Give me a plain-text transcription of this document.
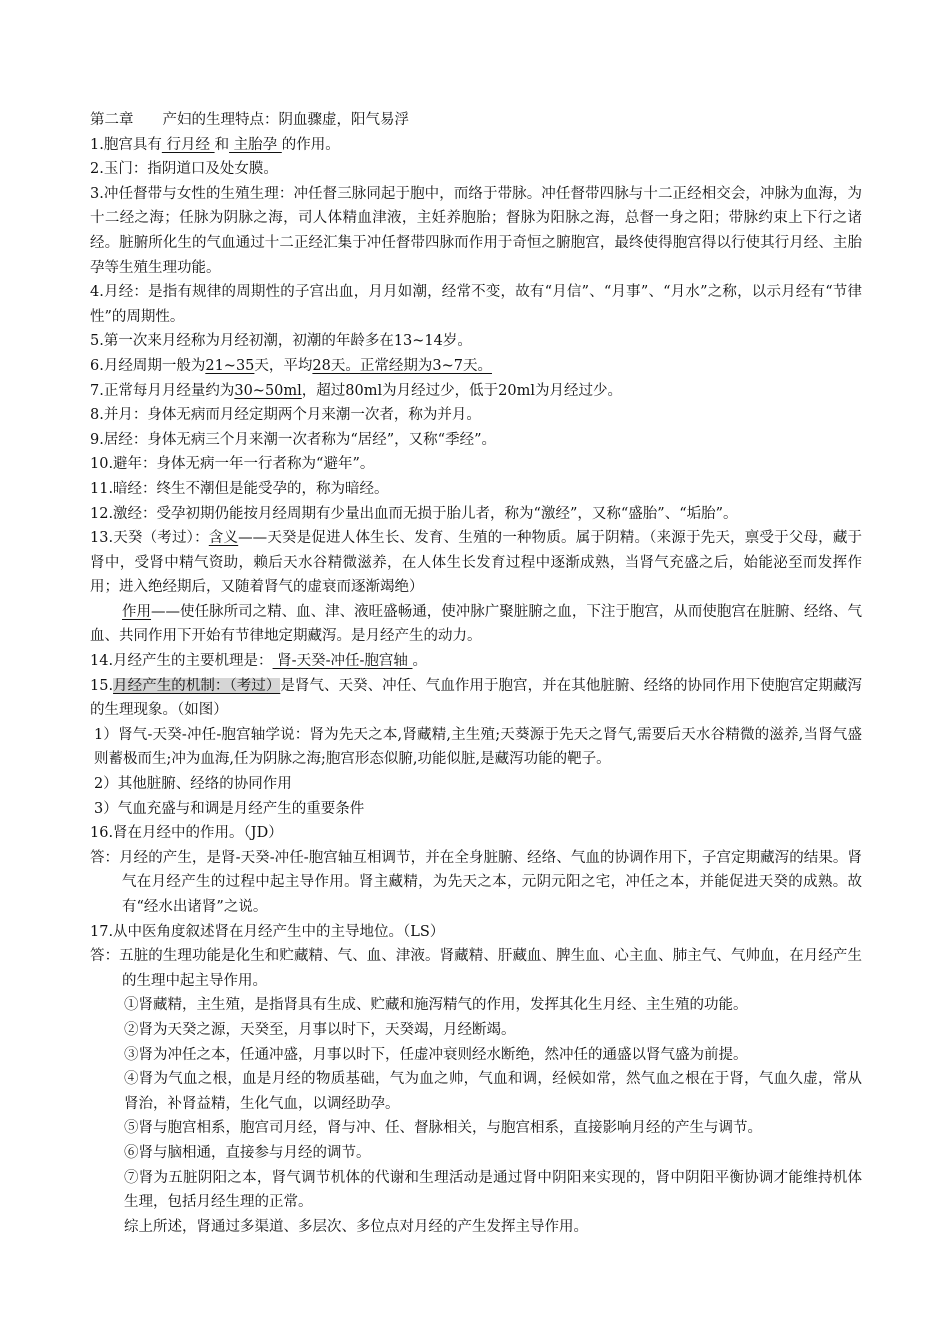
第二章　　 产妇的生理特点：阴血骤虚，阳气易浮

1.胞宫具有 行月经 和 主胎孕 的作用。

2.玉门：指阴道口及处女膜。

3.冲任督带与女性的生殖生理：冲任督三脉同起于胞中，而络于带脉。冲任督带四脉与十二正经相交会，冲脉为血海，为十二经之海；任脉为阴脉之海，司人体精血津液，主妊养胞胎；督脉为阳脉之海，总督一身之阳；带脉约束上下行之诸经。脏腑所化生的气血通过十二正经汇集于冲任督带四脉而作用于奇恒之腑胞宫，最终使得胞宫得以行使其行月经、主胎孕等生殖生理功能。

4.月经：是指有规律的周期性的子宫出血，月月如潮，经常不变，故有“月信”、“月事”、“月水”之称，以示月经有“节律性”的周期性。

5.第一次来月经称为月经初潮，初潮的年龄多在13~14岁。

6.月经周期一般为21~35天，平均28天。正常经期为3~7天。

7.正常每月月经量约为30~50ml，超过80ml为月经过少，低于20ml为月经过少。

8.并月：身体无病而月经定期两个月来潮一次者，称为并月。

9.居经：身体无病三个月来潮一次者称为“居经”，又称“季经”。

10.避年：身体无病一年一行者称为“避年”。

11.暗经：终生不潮但是能受孕的，称为暗经。

12.激经：受孕初期仍能按月经周期有少量出血而无损于胎儿者，称为“激经”，又称“盛胎”、“垢胎”。

13.天癸（考过）：含义——天癸是促进人体生长、发育、生殖的一种物质。属于阴精。（来源于先天，禀受于父母，藏于肾中，受肾中精气资助，赖后天水谷精微滋养，在人体生长发育过程中逐渐成熟，当肾气充盛之后，始能泌至而发挥作用；进入绝经期后，又随着肾气的虚衰而逐渐竭绝）

作用——使任脉所司之精、血、津、液旺盛畅通，使冲脉广聚脏腑之血，下注于胞宫，从而使胞宫在脏腑、经络、气血、共同作用下开始有节律地定期藏泻。是月经产生的动力。

14.月经产生的主要机理是： 肾-天癸-冲任-胞宫轴 。

15.月经产生的机制：（考过）是肾气、天癸、冲任、气血作用于胞宫，并在其他脏腑、经络的协同作用下使胞宫定期藏泻的生理现象。（如图）

1）肾气-天癸-冲任-胞宫轴学说：肾为先天之本,肾藏精,主生殖;天葵源于先天之肾气,需要后天水谷精微的滋养,当肾气盛则蓄极而生;冲为血海,任为阴脉之海;胞宫形态似腑,功能似脏,是藏泻功能的靶子。

2）其他脏腑、经络的协同作用

3）气血充盛与和调是月经产生的重要条件

16.肾在月经中的作用。（JD）

答：月经的产生，是肾-天癸-冲任-胞宫轴互相调节，并在全身脏腑、经络、气血的协调作用下，子宫定期藏泻的结果。肾气在月经产生的过程中起主导作用。肾主藏精，为先天之本，元阴元阳之宅，冲任之本，并能促进天癸的成熟。故有“经水出诸肾”之说。

17.从中医角度叙述肾在月经产生中的主导地位。（LS）

答：五脏的生理功能是化生和贮藏精、气、血、津液。肾藏精、肝藏血、脾生血、心主血、肺主气、气帅血，在月经产生的生理中起主导作用。

①肾藏精，主生殖，是指肾具有生成、贮藏和施泻精气的作用，发挥其化生月经、主生殖的功能。

②肾为天癸之源，天癸至，月事以时下，天癸竭，月经断竭。

③肾为冲任之本，任通冲盛，月事以时下，任虚冲衰则经水断绝，然冲任的通盛以肾气盛为前提。

④肾为气血之根，血是月经的物质基础，气为血之帅，气血和调，经候如常，然气血之根在于肾，气血久虚，常从肾治，补肾益精，生化气血，以调经助孕。

⑤肾与胞宫相系，胞宫司月经，肾与冲、任、督脉相关，与胞宫相系，直接影响月经的产生与调节。

⑥肾与脑相通，直接参与月经的调节。

⑦肾为五脏阴阳之本，肾气调节机体的代谢和生理活动是通过肾中阴阳来实现的，肾中阴阳平衡协调才能维持机体生理，包括月经生理的正常。

综上所述，肾通过多渠道、多层次、多位点对月经的产生发挥主导作用。
